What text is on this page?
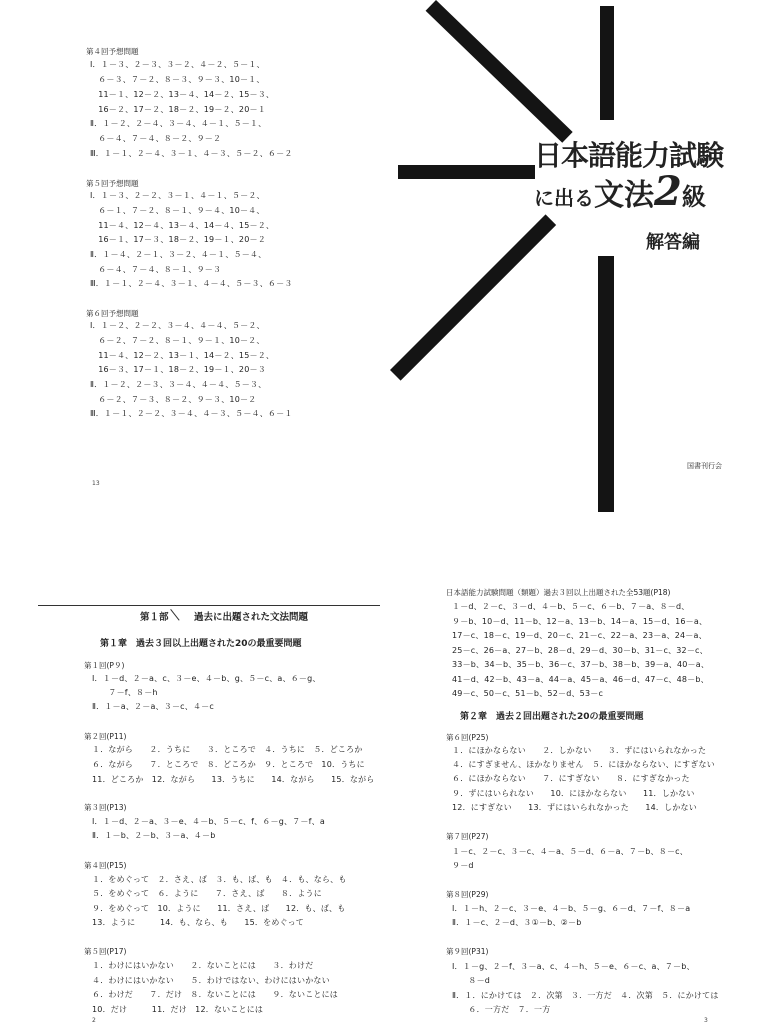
第４回予想問題
Ⅰ．１－３、２－３、３－２、４－２、５－１、
　６－３、７－２、８－３、９－３、10－１、
　11－１、12－２、13－４、14－２、15－３、
　16－２、17－２、18－２、19－２、20－１
Ⅱ．１－２、２－４、３－４、４－１、５－１、
　６－４、７－４、８－２、９－２
Ⅲ．１－１、２－４、３－１、４－３、５－２、６－２
第５回予想問題
Ⅰ．１－３、２－２、３－１、４－１、５－２、
　６－１、７－２、８－１、９－４、10－４、
　11－４、12－４、13－４、14－４、15－２、
　16－１、17－３、18－２、19－１、20－２
Ⅱ．１－４、２－１、３－２、４－１、５－４、
　６－４、７－４、８－１、９－３
Ⅲ．１－１、２－４、３－１、４－４、５－３、６－３
第６回予想問題
Ⅰ．１－２、２－２、３－４、４－４、５－２、
　６－２、７－２、８－１、９－１、10－２、
　11－４、12－２、13－１、14－２、15－２、
　16－３、17－１、18－２、19－１、20－３
Ⅱ．１－２、２－３、３－４、４－４、５－３、
　６－２、７－３、８－２、９－３、10－２
Ⅲ．１－１、２－２、３－４、４－３、５－４、６－１
13
日本語能力試験
に出る文法2級
解答編
国書刊行会
第１部	過去に出題された文法問題
第１章　過去３回以上出題された20の最重要問題
第１回(P９)
Ⅰ．１－d、２－a、c、３－e、４－b、g、５－c、a、６－g、
　　７－f、８－h
Ⅱ．１－a、２－a、３－c、４－c
第２回(P11)
１．ながら　　２．うちに　　３．ところで　４．うちに　５．どころか
６．ながら　　７．ところで　８．どころか　９．ところで　10．うちに
11．どころか　12．ながら　　13．うちに　　14．ながら　　15．ながら
第３回(P13)
Ⅰ．１－d、２－a、３－e、４－b、５－c、f、６－g、７－f、a
Ⅱ．１－b、２－b、３－a、４－b
第４回(P15)
１．をめぐって　２．さえ、ば　３．も、ば、も　４．も、なら、も
５．をめぐって　６．ように　　７．さえ、ば　　８．ように
９．をめぐって　10．ように　　11．さえ、ば　　12．も、ば、も
13．ように　　　14．も、なら、も　　15．をめぐって
第５回(P17)
１．わけにはいかない　　２．ないことには　　３．わけだ
４．わけにはいかない　　５．わけではない、わけにはいかない
６．わけだ　　７．だけ　８．ないことには　　９．ないことには
10．だけ　　　11．だけ　12．ないことには
2
日本語能力試験問題（類題）過去３回以上出題された全53題(P18)
１－d、２－c、３－d、４－b、５－c、６－b、７－a、８－d、
９－b、10－d、11－b、12－a、13－b、14－a、15－d、16－a、
17－c、18－c、19－d、20－c、21－c、22－a、23－a、24－a、
25－c、26－a、27－b、28－d、29－d、30－b、31－c、32－c、
33－b、34－b、35－b、36－c、37－b、38－b、39－a、40－a、
41－d、42－b、43－a、44－a、45－a、46－d、47－c、48－b、
49－c、50－c、51－b、52－d、53－c
第２章　過去２回出題された20の最重要問題
第６回(P25)
１．にほかならない　　２．しかない　　３．ずにはいられなかった
４．にすぎません、ほかなりません　５．にほかならない、にすぎない
６．にほかならない　　７．にすぎない　　８．にすぎなかった
９．ずにはいられない　　10．にほかならない　　11．しかない
12．にすぎない　　13．ずにはいられなかった　　14．しかない
第７回(P27)
１－c、２－c、３－c、４－a、５－d、６－a、７－b、８－c、
９－d
第８回(P29)
Ⅰ．１－h、２－c、３－e、４－b、５－g、６－d、７－f、８－a
Ⅱ．１－c、２－d、３①－b、②－b
第９回(P31)
Ⅰ．１－g、２－f、３－a、c、４－h、５－e、６－c、a、７－b、
　　８－d
Ⅱ．１．にかけては　２．次第　３．一方だ　４．次第　５．にかけては
　　６．一方だ　７．一方
3
